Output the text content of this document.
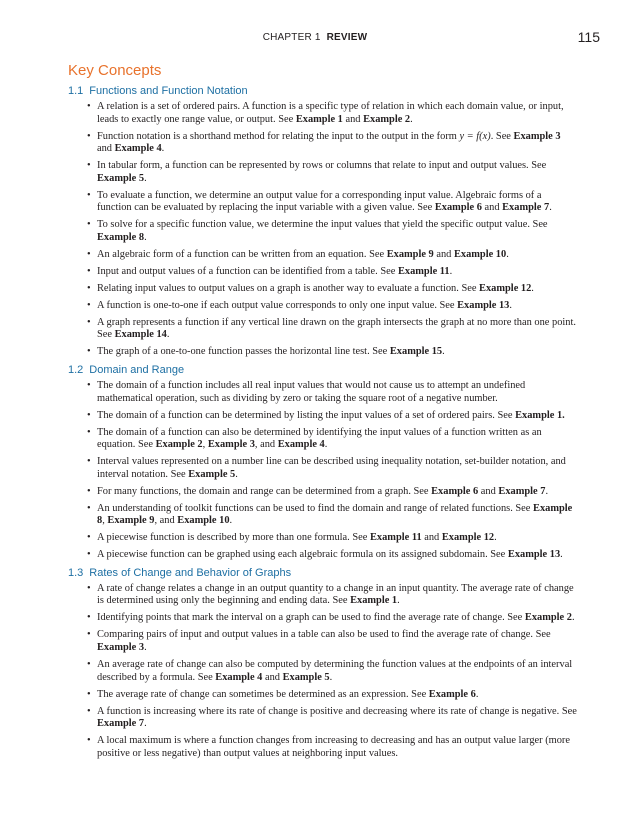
CHAPTER 1 REVIEW	115
Key Concepts
1.1 Functions and Function Notation
• A relation is a set of ordered pairs. A function is a specific type of relation in which each domain value, or input, leads to exactly one range value, or output. See Example 1 and Example 2.
• Function notation is a shorthand method for relating the input to the output in the form y = f(x). See Example 3 and Example 4.
• In tabular form, a function can be represented by rows or columns that relate to input and output values. See Example 5.
• To evaluate a function, we determine an output value for a corresponding input value. Algebraic forms of a function can be evaluated by replacing the input variable with a given value. See Example 6 and Example 7.
• To solve for a specific function value, we determine the input values that yield the specific output value. See Example 8.
• An algebraic form of a function can be written from an equation. See Example 9 and Example 10.
• Input and output values of a function can be identified from a table. See Example 11.
• Relating input values to output values on a graph is another way to evaluate a function. See Example 12.
• A function is one-to-one if each output value corresponds to only one input value. See Example 13.
• A graph represents a function if any vertical line drawn on the graph intersects the graph at no more than one point. See Example 14.
• The graph of a one-to-one function passes the horizontal line test. See Example 15.
1.2 Domain and Range
• The domain of a function includes all real input values that would not cause us to attempt an undefined mathematical operation, such as dividing by zero or taking the square root of a negative number.
• The domain of a function can be determined by listing the input values of a set of ordered pairs. See Example 1.
• The domain of a function can also be determined by identifying the input values of a function written as an equation. See Example 2, Example 3, and Example 4.
• Interval values represented on a number line can be described using inequality notation, set-builder notation, and interval notation. See Example 5.
• For many functions, the domain and range can be determined from a graph. See Example 6 and Example 7.
• An understanding of toolkit functions can be used to find the domain and range of related functions. See Example 8, Example 9, and Example 10.
• A piecewise function is described by more than one formula. See Example 11 and Example 12.
• A piecewise function can be graphed using each algebraic formula on its assigned subdomain. See Example 13.
1.3 Rates of Change and Behavior of Graphs
• A rate of change relates a change in an output quantity to a change in an input quantity. The average rate of change is determined using only the beginning and ending data. See Example 1.
• Identifying points that mark the interval on a graph can be used to find the average rate of change. See Example 2.
• Comparing pairs of input and output values in a table can also be used to find the average rate of change. See Example 3.
• An average rate of change can also be computed by determining the function values at the endpoints of an interval described by a formula. See Example 4 and Example 5.
• The average rate of change can sometimes be determined as an expression. See Example 6.
• A function is increasing where its rate of change is positive and decreasing where its rate of change is negative. See Example 7.
• A local maximum is where a function changes from increasing to decreasing and has an output value larger (more positive or less negative) than output values at neighboring input values.
